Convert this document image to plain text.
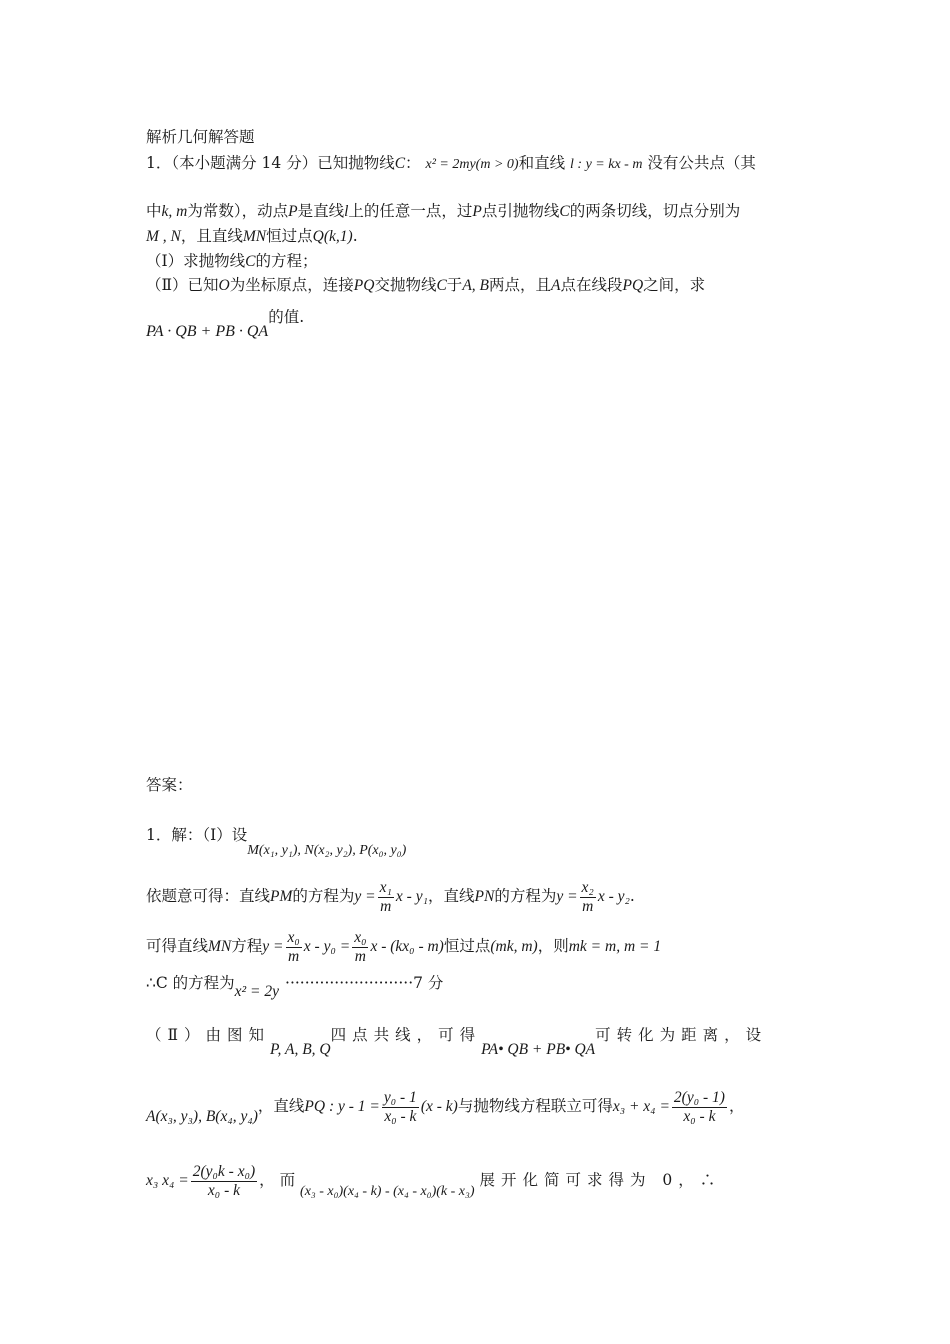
解析几何解答题
1．（本小题满分 14 分）已知抛物线C： x² = 2my(m > 0)和直线 l : y = kx - m 没有公共点（其
中k, m为常数），动点P是直线l上的任意一点，过P点引抛物线C的两条切线，切点分别为
M , N，且直线MN恒过点Q(k,1).
（Ⅰ）求抛物线C的方程；
（Ⅱ）已知O为坐标原点，连接PQ交抛物线C于A, B两点，且A点在线段PQ之间，求
PA · QB + PB · QA的值.
答案：
1．解：（Ⅰ）设M(x₁, y₁), N(x₂, y₂), P(x₀, y₀)
依题意可得：直线PM的方程为$y = \frac{\text{x₁}}{m}$ x - y₁，直线PN的方程为$y = \frac{\text{x₂}}{m}$ x - y₂.
可得直线MN方程$y = \frac{\text{x₀}}{m}$ $x - y_0 = \frac{\text{x₀}}{m}$ x - (kx₀ - m)恒过点(mk, m)，则mk = m, m = 1
∴C 的方程为x² = 2y ··························7 分
（Ⅱ）由图知P, A, B, Q四点共线，可得PA• QB + PB• QA可转化为距离，设
A(x₃, y₃), B(x₄, y₄)，直线PQ : $y - 1 = \frac{\text{y₀ - 1}}{\text{x₀ - k}} (x - k)$与抛物线方程联立可得$x_3 + x_4 = \frac{\text{2(y₀ - 1)}}{\text{x₀ - k}}$ ，
x₃ $x_4 = \frac{\text{2(y₀k - x₀)}}{\text{x₀ - k}}$ ， 而 (x₃ - x₀)(x₄ - k) - (x₄ - x₀)(k - x₃) 展开化简可求得为 0，∴
